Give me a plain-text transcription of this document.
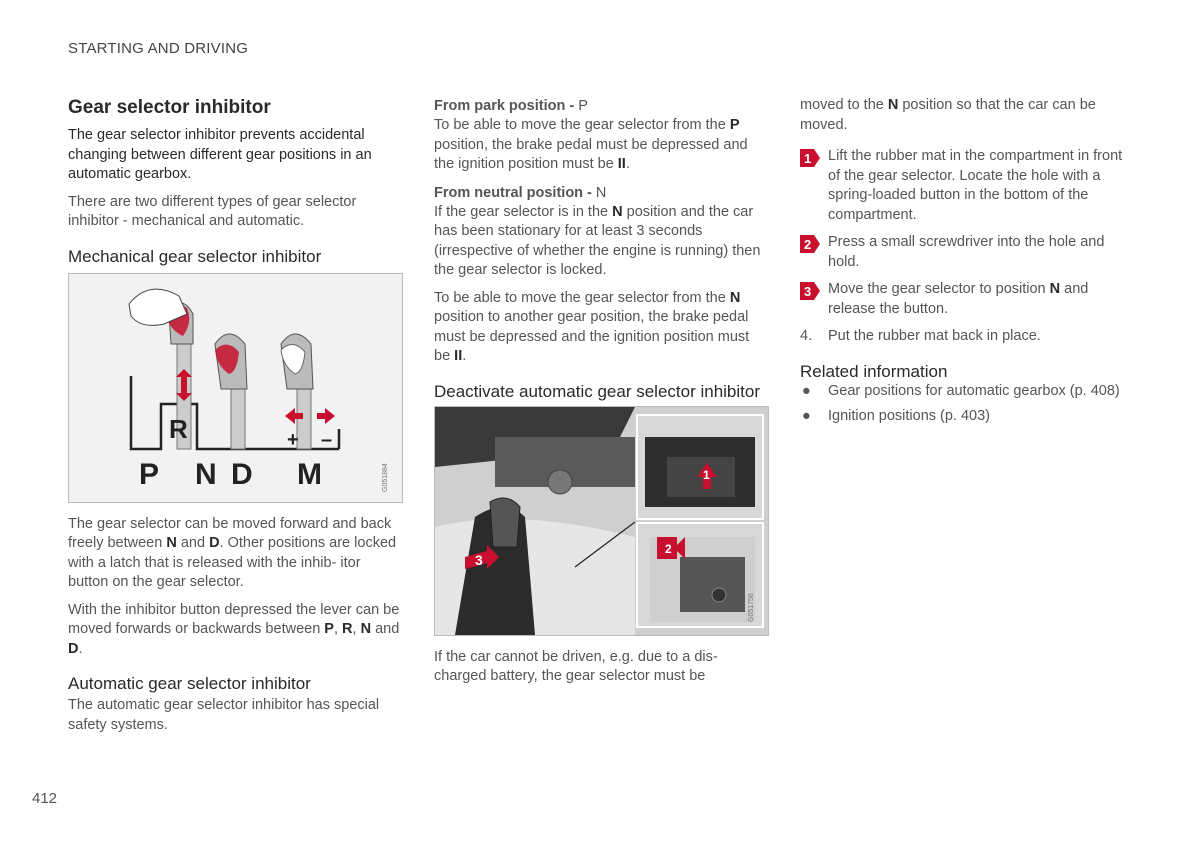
STARTING AND DRIVING
Gear selector inhibitor

The gear selector inhibitor prevents accidental changing between different gear positions in an automatic gearbox.

There are two different types of gear selector inhibitor - mechanical and automatic.

Mechanical gear selector inhibitor
R	+ –
P N D M	G051884

The gear selector can be moved forward and back freely between N and D. Other positions are locked with a latch that is released with the inhib- itor button on the gear selector.

With the inhibitor button depressed the lever can be moved forwards or backwards between P, R, N and D.

Automatic gear selector inhibitor

The automatic gear selector inhibitor has special safety systems.

From park position - P

To be able to move the gear selector from the P position, the brake pedal must be depressed and the ignition position must be II.

From neutral position - N

If the gear selector is in the N position and the car has been stationary for at least 3 seconds (irrespective of whether the engine is running) then the gear selector is locked.

To be able to move the gear selector from the N position to another gear position, the brake pedal must be depressed and the ignition position must be II.

Deactivate automatic gear selector inhibitor
3
1
2
G051758

If the car cannot be driven, e.g. due to a dis- charged battery, the gear selector must be

moved to the N position so that the car can be moved.

1 Lift the rubber mat in the compartment in front of the gear selector. Locate the hole with a spring-loaded button in the bottom of the compartment.
2 Press a small screwdriver into the hole and hold.
3 Move the gear selector to position N and release the button.
4. Put the rubber mat back in place.
Related information
● Gear positions for automatic gearbox (p. 408)
● Ignition positions (p. 403)
412
